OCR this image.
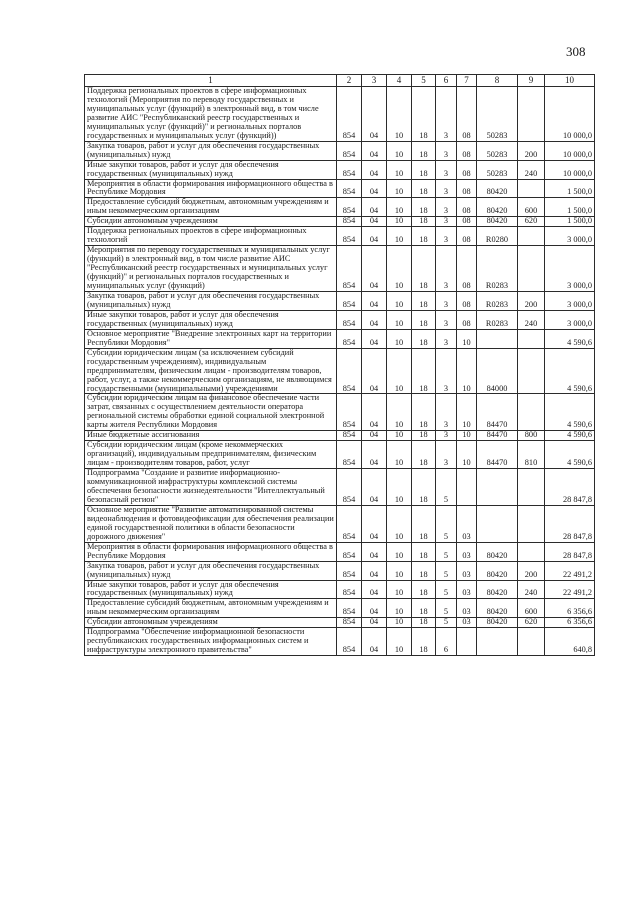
308
1	2	3	4	5	6	7	8	9	10
Поддержка региональных проектов в сфере информационных технологий (Мероприятия по переводу государственных и муниципальных услуг (функций) в электронный вид, в том числе развитие АИС "Республиканский реестр государственных и муниципальных услуг (функций)" и региональных порталов государственных и муниципальных услуг (функций))	854	04	10	18	3	08	50283		10 000,0
Закупка товаров, работ и услуг для обеспечения государственных (муниципальных) нужд	854	04	10	18	3	08	50283	200	10 000,0
Иные закупки товаров, работ и услуг для обеспечения государственных (муниципальных) нужд	854	04	10	18	3	08	50283	240	10 000,0
Мероприятия в области формирования информационного общества в Республике Мордовия	854	04	10	18	3	08	80420		1 500,0
Предоставление субсидий бюджетным, автономным учреждениям и иным некоммерческим организациям	854	04	10	18	3	08	80420	600	1 500,0
Субсидии автономным учреждениям	854	04	10	18	3	08	80420	620	1 500,0
Поддержка региональных проектов в сфере информационных технологий	854	04	10	18	3	08	R0280		3 000,0
Мероприятия по переводу государственных и муниципальных услуг (функций) в электронный вид, в том числе развитие АИС "Республиканский реестр государственных и муниципальных услуг (функций)" и региональных порталов государственных и муниципальных услуг (функций)	854	04	10	18	3	08	R0283		3 000,0
Закупка товаров, работ и услуг для обеспечения государственных (муниципальных) нужд	854	04	10	18	3	08	R0283	200	3 000,0
Иные закупки товаров, работ и услуг для обеспечения государственных (муниципальных) нужд	854	04	10	18	3	08	R0283	240	3 000,0
Основное мероприятие "Внедрение электронных карт на территории Республики Мордовия"	854	04	10	18	3	10			4 590,6
Субсидии юридическим лицам (за исключением субсидий государственным учреждениям), индивидуальным предпринимателям, физическим лицам - производителям товаров, работ, услуг, а также некоммерческим организациям, не являющимся государственными (муниципальными) учреждениями	854	04	10	18	3	10	84000		4 590,6
Субсидии юридическим лицам на финансовое обеспечение части затрат, связанных с осуществлением деятельности оператора региональной системы обработки единой социальной электронной карты жителя Республики Мордовия	854	04	10	18	3	10	84470		4 590,6
Иные бюджетные ассигнования	854	04	10	18	3	10	84470	800	4 590,6
Субсидии юридическим лицам (кроме некоммерческих организаций), индивидуальным предпринимателям, физическим лицам - производителям товаров, работ, услуг	854	04	10	18	3	10	84470	810	4 590,6
Подпрограмма "Создание и развитие информационно-коммуникационной инфраструктуры комплексной системы обеспечения безопасности жизнедеятельности "Интеллектуальный безопасный регион"	854	04	10	18	5				28 847,8
Основное мероприятие "Развитие автоматизированной системы видеонаблюдения и фотовидеофиксации для обеспечения реализации единой государственной политики в области безопасности дорожного движения"	854	04	10	18	5	03			28 847,8
Мероприятия в области формирования информационного общества в Республике Мордовия	854	04	10	18	5	03	80420		28 847,8
Закупка товаров, работ и услуг для обеспечения государственных (муниципальных) нужд	854	04	10	18	5	03	80420	200	22 491,2
Иные закупки товаров, работ и услуг для обеспечения государственных (муниципальных) нужд	854	04	10	18	5	03	80420	240	22 491,2
Предоставление субсидий бюджетным, автономным учреждениям и иным некоммерческим организациям	854	04	10	18	5	03	80420	600	6 356,6
Субсидии автономным учреждениям	854	04	10	18	5	03	80420	620	6 356,6
Подпрограмма "Обеспечение информационной безопасности республиканских государственных информационных систем и инфраструктуры электронного правительства"	854	04	10	18	6				640,8
